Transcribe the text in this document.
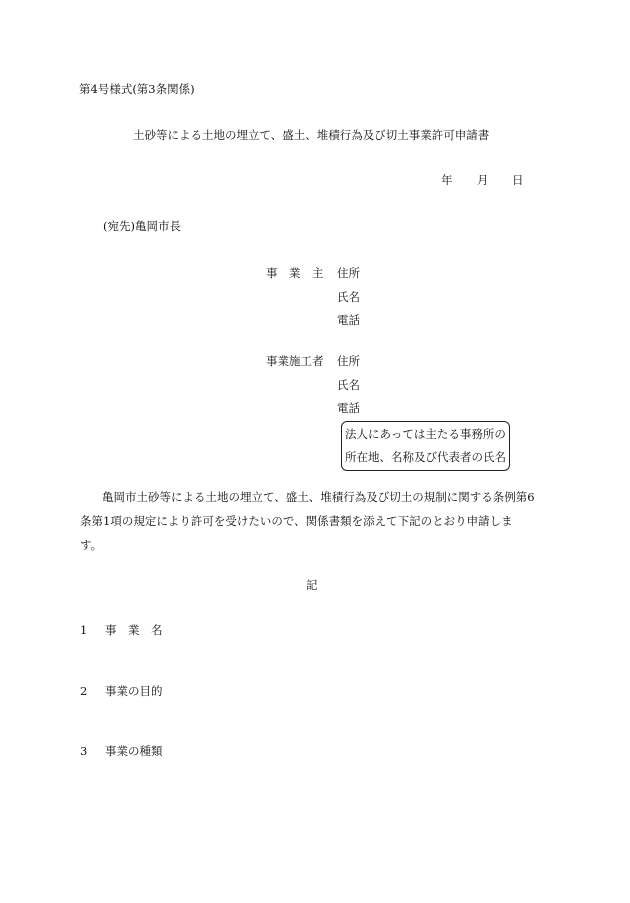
第4号様式(第3条関係)
土砂等による土地の埋立て、盛土、堆積行為及び切土事業許可申請書
年 月 日
(宛先)亀岡市長
事　業　主 住所
氏名
電話
事業施工者 住所
氏名
電話
法人にあっては主たる事務所の
所在地、名称及び代表者の氏名
亀岡市土砂等による土地の埋立て、盛土、堆積行為及び切土の規制に関する条例第6
条第1項の規定により許可を受けたいので、関係書類を添えて下記のとおり申請しま
す。
記
1 事　業　名
2 事業の目的
3 事業の種類
